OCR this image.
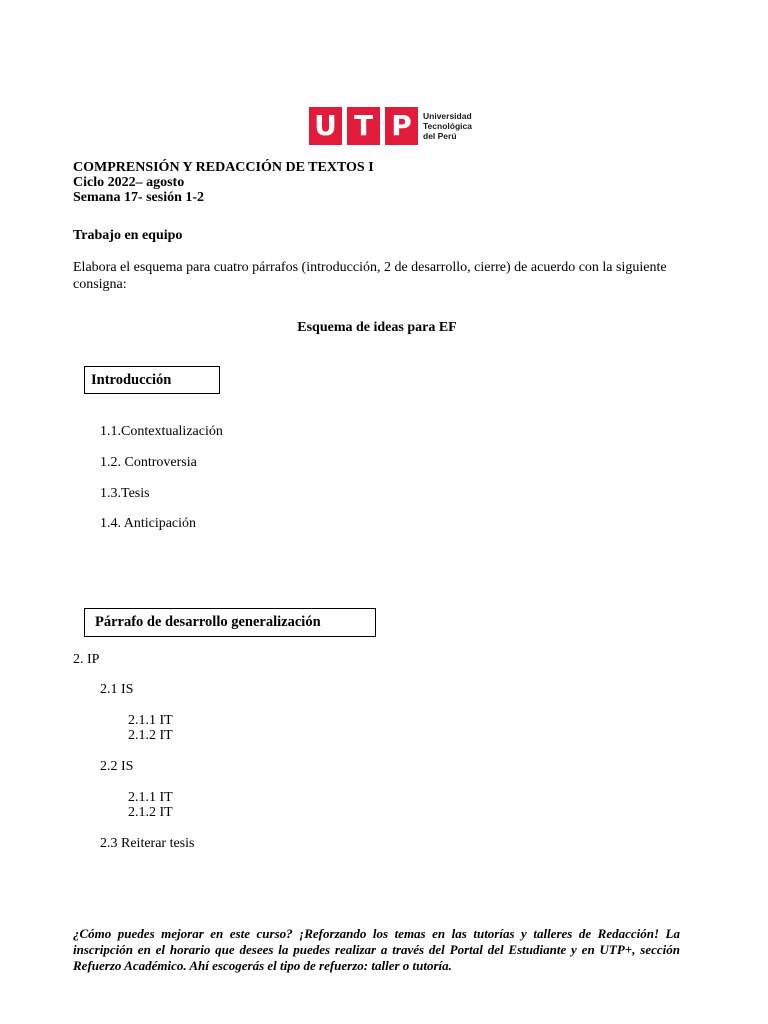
U T P	Universidad
Tecnológica
del Perú
COMPRENSIÓN Y REDACCIÓN DE TEXTOS I
Ciclo 2022– agosto
Semana 17- sesión 1-2
Trabajo en equipo
Elabora el esquema para cuatro párrafos (introducción, 2 de desarrollo, cierre) de acuerdo con la siguiente consigna:
Esquema de ideas para EF
Introducción
1.1.Contextualización
1.2. Controversia
1.3.Tesis
1.4. Anticipación
Párrafo de desarrollo generalización
2. IP
2.1 IS
2.1.1 IT
2.1.2 IT
2.2 IS
2.1.1 IT
2.1.2 IT
2.3 Reiterar tesis
¿Cómo puedes mejorar en este curso? ¡Reforzando los temas en las tutorías y talleres de Redacción! La inscripción en el horario que desees la puedes realizar a través del Portal del Estudiante y en UTP+, sección Refuerzo Académico. Ahí escogerás el tipo de refuerzo: taller o tutoría.
